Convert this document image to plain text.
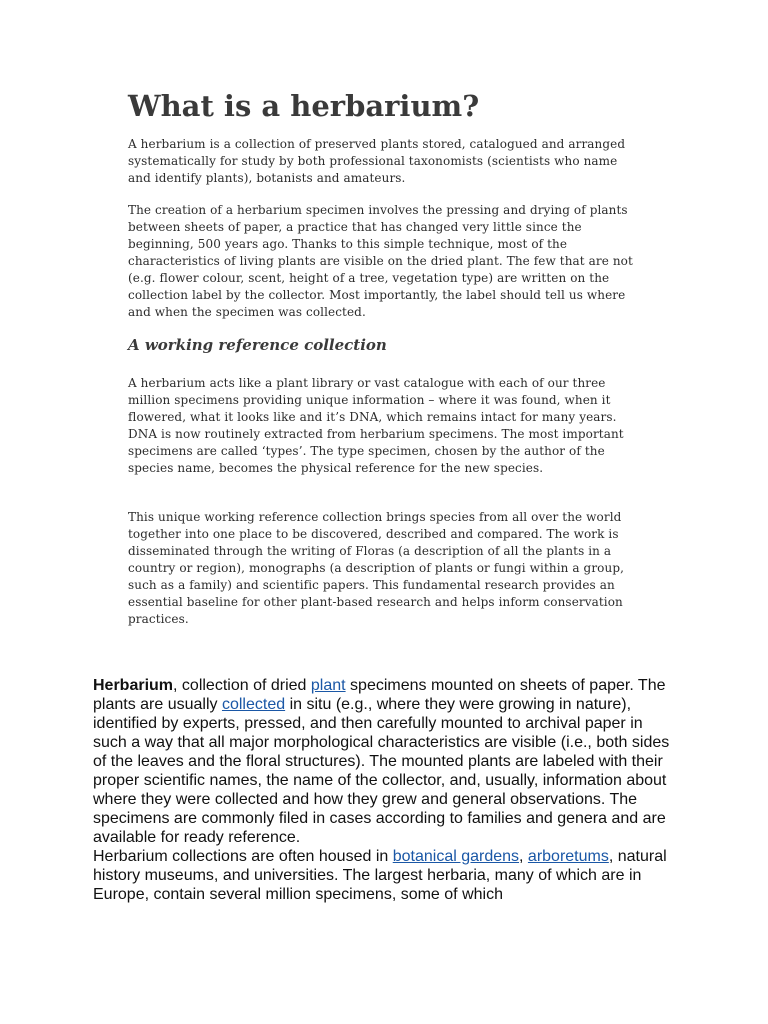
What is a herbarium?

A herbarium is a collection of preserved plants stored, catalogued and arranged systematically for study by both professional taxonomists (scientists who name and identify plants), botanists and amateurs.

The creation of a herbarium specimen involves the pressing and drying of plants between sheets of paper, a practice that has changed very little since the beginning, 500 years ago. Thanks to this simple technique, most of the characteristics of living plants are visible on the dried plant. The few that are not (e.g. flower colour, scent, height of a tree, vegetation type) are written on the collection label by the collector. Most importantly, the label should tell us where and when the specimen was collected.

A working reference collection

A herbarium acts like a plant library or vast catalogue with each of our three million specimens providing unique information – where it was found, when it flowered, what it looks like and it’s DNA, which remains intact for many years. DNA is now routinely extracted from herbarium specimens. The most important specimens are called ‘types’. The type specimen, chosen by the author of the species name, becomes the physical reference for the new species.

This unique working reference collection brings species from all over the world together into one place to be discovered, described and compared. The work is disseminated through the writing of Floras (a description of all the plants in a country or region), monographs (a description of plants or fungi within a group, such as a family) and scientific papers. This fundamental research provides an essential baseline for other plant-based research and helps inform conservation practices.

Herbarium, collection of dried plant specimens mounted on sheets of paper. The plants are usually collected in situ (e.g., where they were growing in nature), identified by experts, pressed, and then carefully mounted to archival paper in such a way that all major morphological characteristics are visible (i.e., both sides of the leaves and the floral structures). The mounted plants are labeled with their proper scientific names, the name of the collector, and, usually, information about where they were collected and how they grew and general observations. The specimens are commonly filed in cases according to families and genera and are available for ready reference.

Herbarium collections are often housed in botanical gardens, arboretums, natural history museums, and universities. The largest herbaria, many of which are in Europe, contain several million specimens, some of which
